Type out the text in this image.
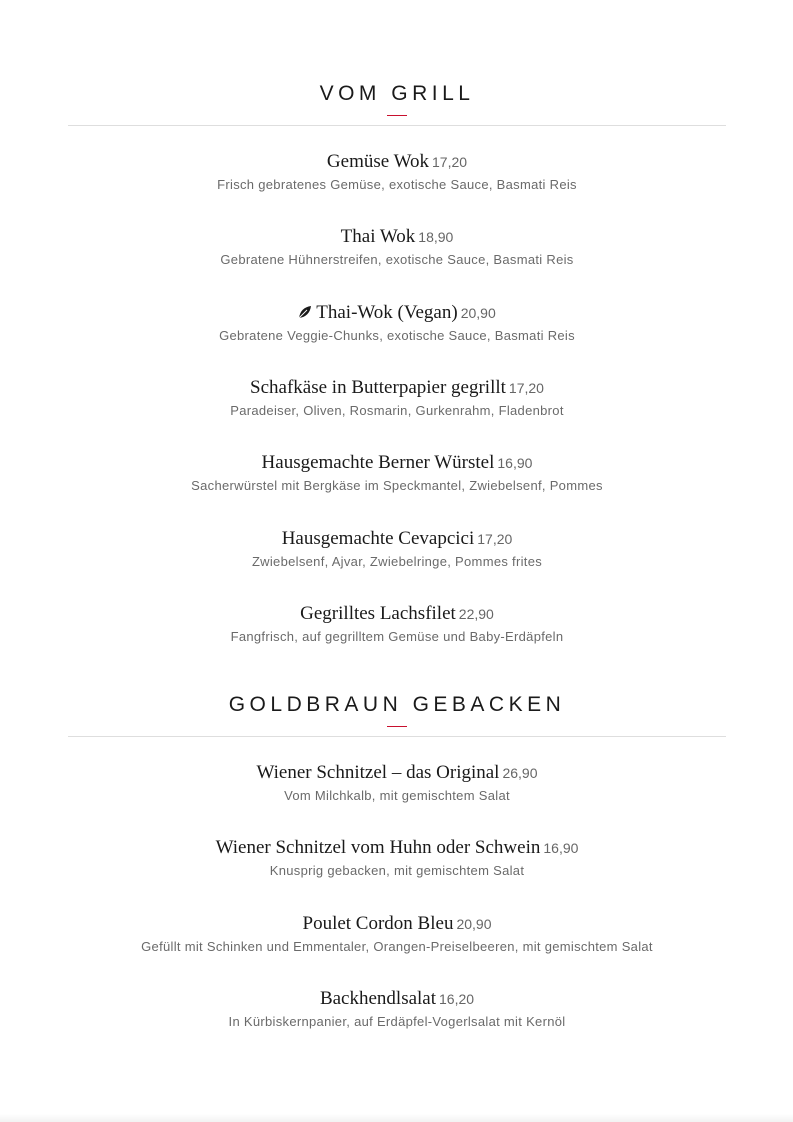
VOM GRILL
Gemüse Wok 17,20
Frisch gebratenes Gemüse, exotische Sauce, Basmati Reis
Thai Wok 18,90
Gebratene Hühnerstreifen, exotische Sauce, Basmati Reis
Thai-Wok (Vegan) 20,90
Gebratene Veggie-Chunks, exotische Sauce, Basmati Reis
Schafkäse in Butterpapier gegrillt 17,20
Paradeiser, Oliven, Rosmarin, Gurkenrahm, Fladenbrot
Hausgemachte Berner Würstel 16,90
Sacherwürstel mit Bergkäse im Speckmantel, Zwiebelsenf, Pommes
Hausgemachte Cevapcici 17,20
Zwiebelsenf, Ajvar, Zwiebelringe, Pommes frites
Gegrilltes Lachsfilet 22,90
Fangfrisch, auf gegrilltem Gemüse und Baby-Erdäpfeln
GOLDBRAUN GEBACKEN
Wiener Schnitzel – das Original 26,90
Vom Milchkalb, mit gemischtem Salat
Wiener Schnitzel vom Huhn oder Schwein 16,90
Knusprig gebacken, mit gemischtem Salat
Poulet Cordon Bleu 20,90
Gefüllt mit Schinken und Emmentaler, Orangen-Preiselbeeren, mit gemischtem Salat
Backhendlsalat 16,20
In Kürbiskernpanier, auf Erdäpfel-Vogerlsalat mit Kernöl
